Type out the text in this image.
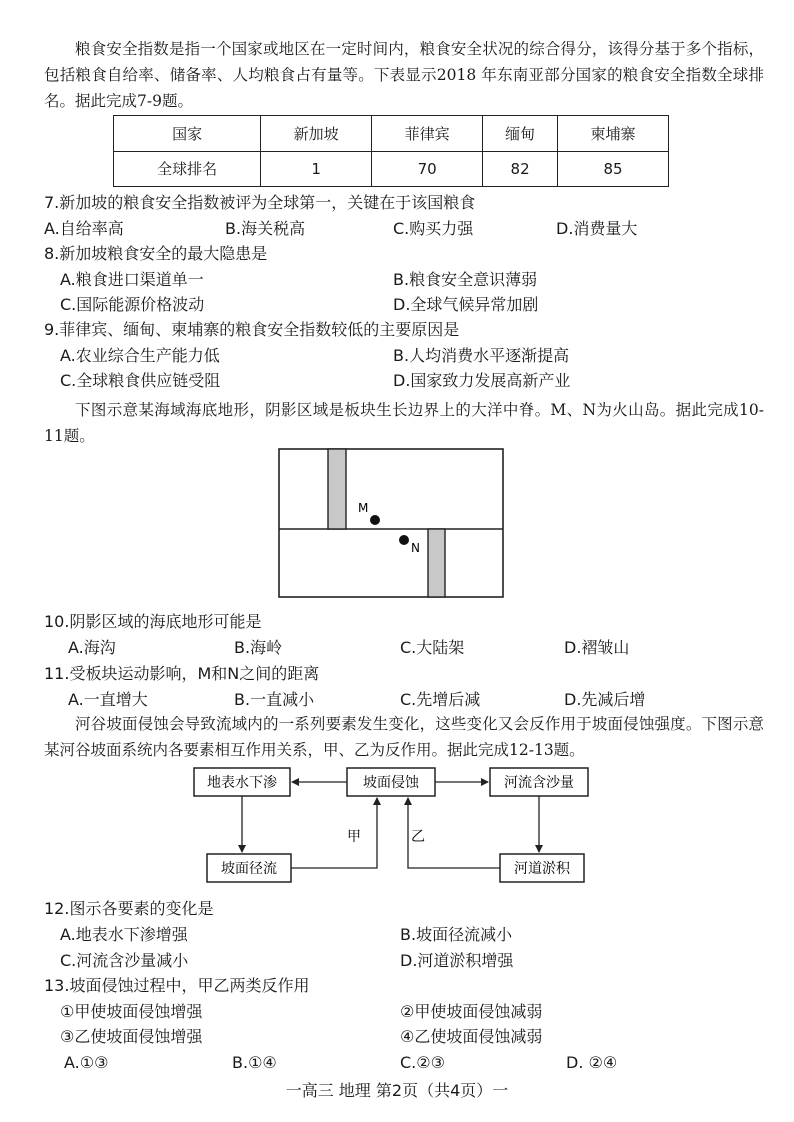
粮食安全指数是指一个国家或地区在一定时间内，粮食安全状况的综合得分，该得分基于多个指标，包括粮食自给率、储备率、人均粮食占有量等。下表显示2018 年东南亚部分国家的粮食安全指数全球排名。据此完成7-9题。
国家	新加坡	菲律宾	缅甸	柬埔寨
全球排名	1	70	82	85
7.新加坡的粮食安全指数被评为全球第一，关键在于该国粮食
A.自给率高	B.海关税高	C.购买力强	D.消费量大
8.新加坡粮食安全的最大隐患是
A.粮食进口渠道单一	B.粮食安全意识薄弱
C.国际能源价格波动	D.全球气候异常加剧
9.菲律宾、缅甸、柬埔寨的粮食安全指数较低的主要原因是
A.农业综合生产能力低	B.人均消费水平逐渐提高
C.全球粮食供应链受阻	D.国家致力发展高新产业
下图示意某海域海底地形，阴影区域是板块生长边界上的大洋中脊。M、N为火山岛。据此完成10-11题。
M
N
10.阴影区域的海底地形可能是
A.海沟	B.海岭	C.大陆架	D.褶皱山
11.受板块运动影响，M和N之间的距离
A.一直增大	B.一直减小	C.先增后减	D.先减后增
河谷坡面侵蚀会导致流域内的一系列要素发生变化，这些变化又会反作用于坡面侵蚀强度。下图示意某河谷坡面系统内各要素相互作用关系，甲、乙为反作用。据此完成12-13题。
地表水下渗	坡面侵蚀	河流含沙量
坡面径流	河道淤积
甲	乙
12.图示各要素的变化是
A.地表水下渗增强	B.坡面径流减小
C.河流含沙量减小	D.河道淤积增强
13.坡面侵蚀过程中，甲乙两类反作用
①甲使坡面侵蚀增强	②甲使坡面侵蚀减弱
③乙使坡面侵蚀增强	④乙使坡面侵蚀减弱
A.①③	B.①④	C.②③	D. ②④
一高三 地理 第2页（共4页）一
